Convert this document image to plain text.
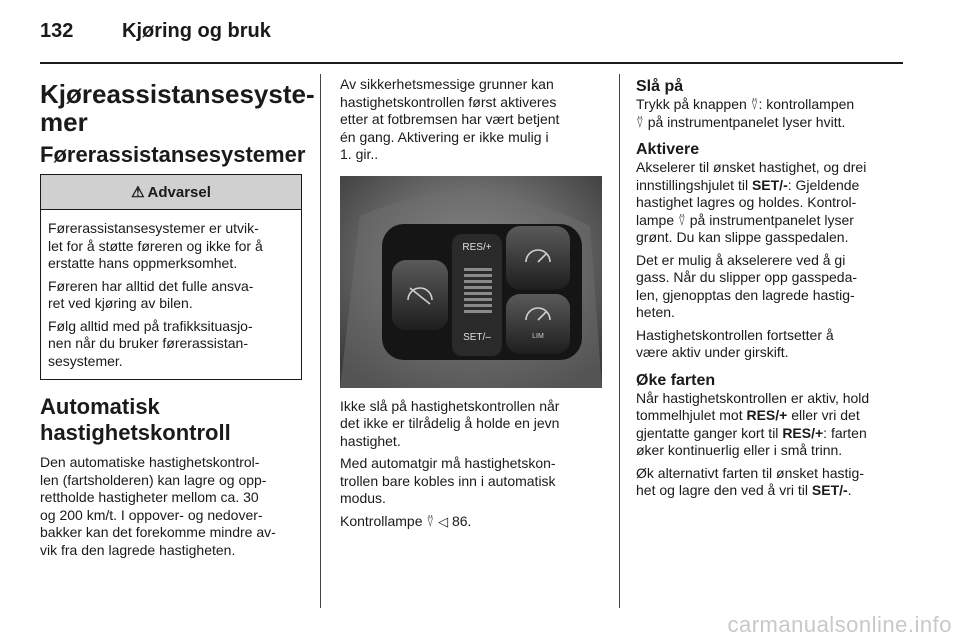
132 Kjøring og bruk
Kjøreassistansesyste-
mer
Førerassistansesystemer
⚠ Advarsel

Førerassistansesystemer er utvik-
let for å støtte føreren og ikke for å
erstatte hans oppmerksomhet.

Føreren har alltid det fulle ansva-
ret ved kjøring av bilen.

Følg alltid med på trafikksituasjo-
nen når du bruker førerassistan-
sesystemer.

Automatisk
hastighetskontroll

Den automatiske hastighetskontrol-
len (fartsholderen) kan lagre og opp-
rettholde hastigheter mellom ca. 30
og 200 km/t. I oppover- og nedover-
bakker kan det forekomme mindre av-
vik fra den lagrede hastigheten.

Av sikkerhetsmessige grunner kan
hastighetskontrollen først aktiveres
etter at fotbremsen har vært betjent
én gang. Aktivering er ikke mulig i
1. gir..

RES/+
SET/–	LIM

Ikke slå på hastighetskontrollen når
det ikke er tilrådelig å holde en jevn
hastighet.

Med automatgir må hastighetskon-
trollen bare kobles inn i automatisk
modus.

Kontrollampe ⍢ ◁ 86.

Slå på

Trykk på knappen ⍢: kontrollampen
⍢ på instrumentpanelet lyser hvitt.

Aktivere

Akselerer til ønsket hastighet, og drei
innstillingshjulet til SET/-: Gjeldende
hastighet lagres og holdes. Kontrol-
lampe ⍢ på instrumentpanelet lyser
grønt. Du kan slippe gasspedalen.

Det er mulig å akselerere ved å gi
gass. Når du slipper opp gasspeda-
len, gjenopptas den lagrede hastig-
heten.

Hastighetskontrollen fortsetter å
være aktiv under girskift.

Øke farten

Når hastighetskontrollen er aktiv, hold
tommelhjulet mot RES/+ eller vri det
gjentatte ganger kort til RES/+: farten
øker kontinuerlig eller i små trinn.

Øk alternativt farten til ønsket hastig-
het og lagre den ved å vri til SET/-.

carmanualsonline.info
